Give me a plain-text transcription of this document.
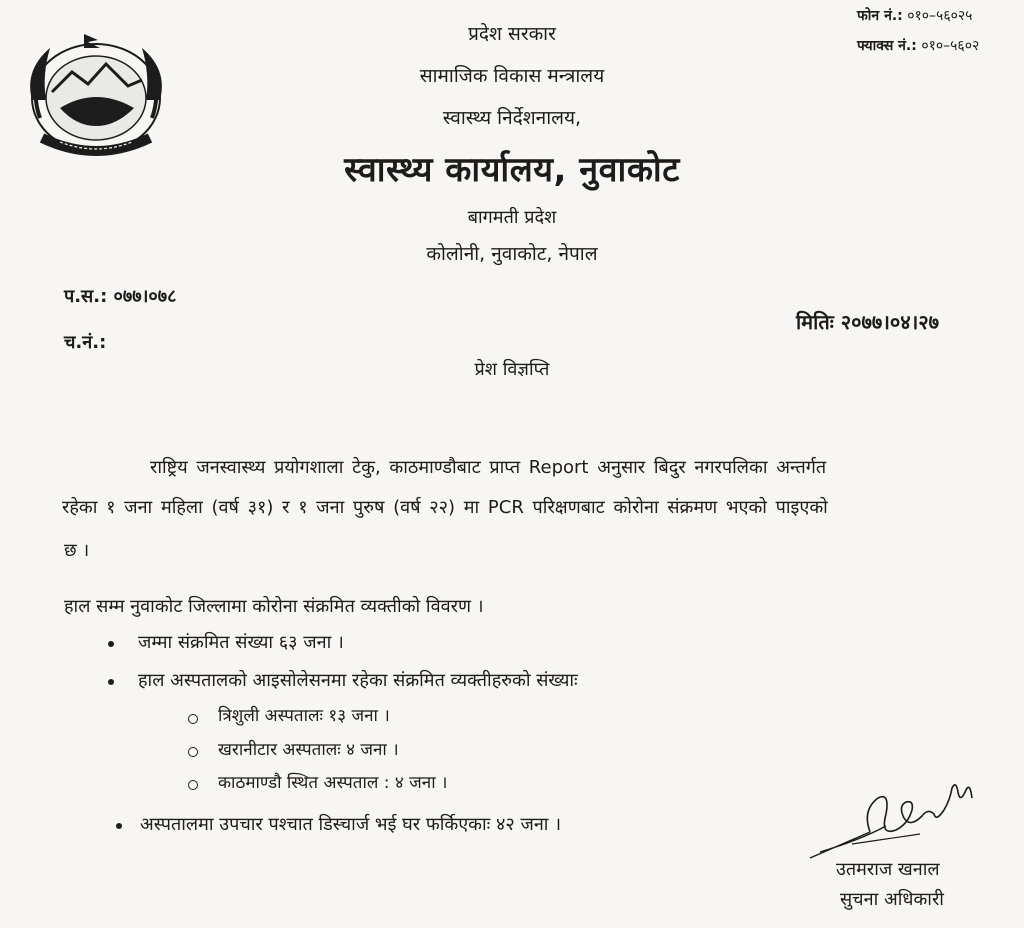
प्रदेश सरकार
सामाजिक विकास मन्त्रालय
स्वास्थ्य निर्देशनालय,
स्वास्थ्य कार्यालय, नुवाकोट
बागमती प्रदेश
कोलोनी, नुवाकोट, नेपाल
फोन नं.: ०१०–५६०२५
फ्याक्स नं.: ०१०–५६०२
प.स.: ०७७।०७८
च.नं.:
मितिः २०७७।०४।२७
प्रेश विज्ञप्ति
राष्ट्रिय जनस्वास्थ्य प्रयोगशाला टेकु, काठमाण्डौबाट प्राप्त Report अनुसार बिदुर नगरपलिका अन्तर्गत
रहेका १ जना महिला (वर्ष ३१) र १ जना पुरुष (वर्ष २२) मा PCR परिक्षणबाट कोरोना संक्रमण भएको पाइएको
छ ।
हाल सम्म नुवाकोट जिल्लामा कोरोना संक्रमित व्यक्तीको विवरण ।
जम्मा संक्रमित संख्या ६३ जना ।
हाल अस्पतालको आइसोलेसनमा रहेका संक्रमित व्यक्तीहरुको संख्याः
त्रिशुली अस्पतालः १३ जना ।
खरानीटार अस्पतालः ४ जना ।
काठमाण्डौ स्थित अस्पताल : ४ जना ।
अस्पतालमा उपचार पश्चात डिस्चार्ज भई घर फर्किएकाः ४२ जना ।
उतमराज खनाल
सुचना अधिकारी
